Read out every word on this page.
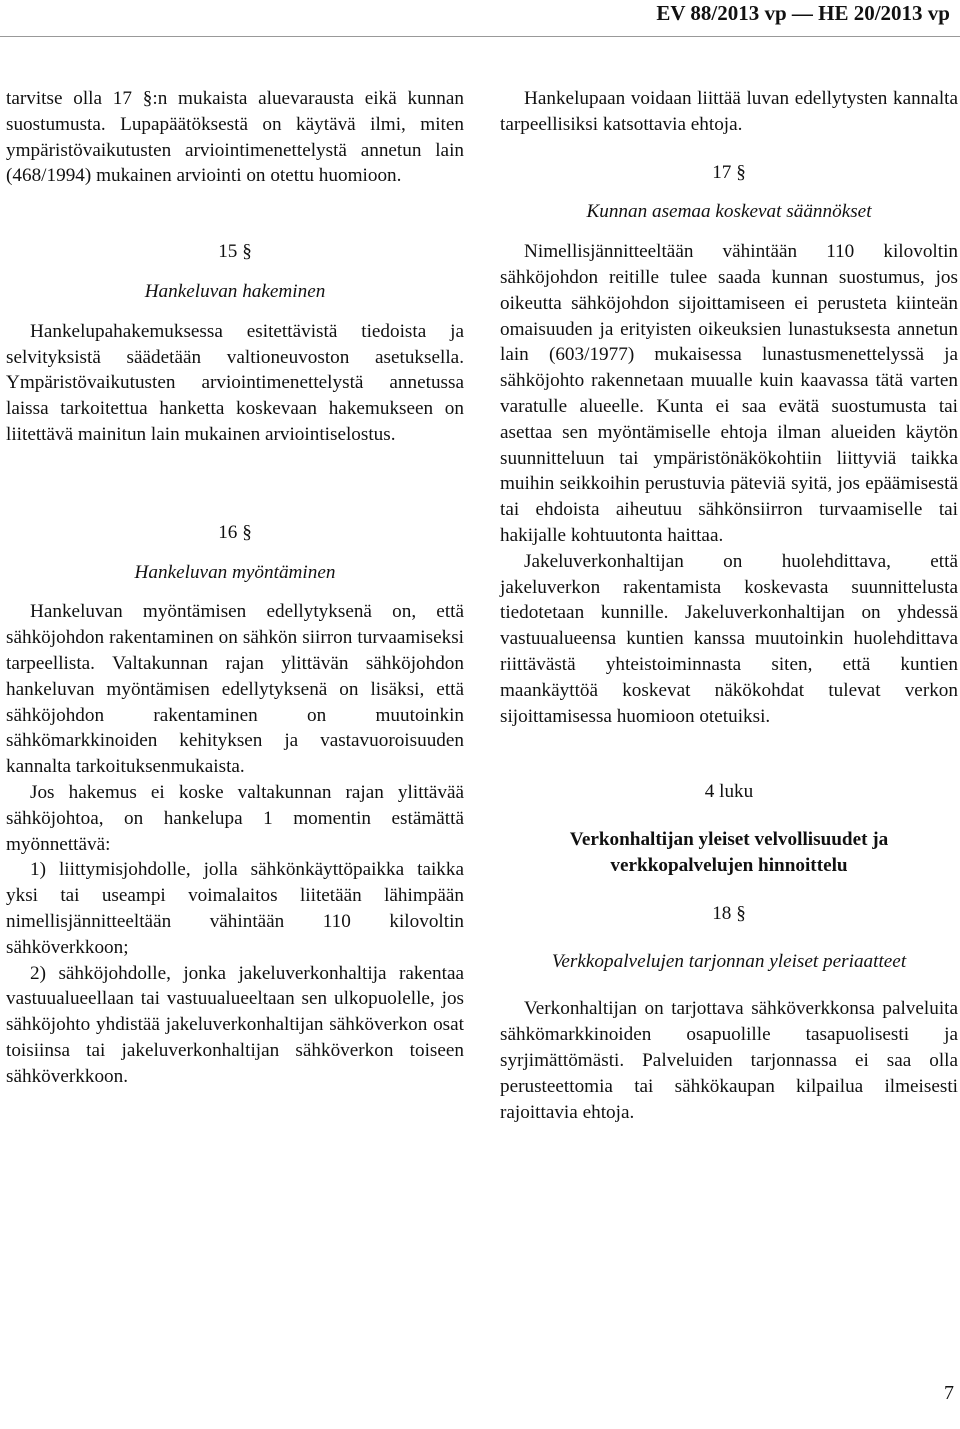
EV 88/2013 vp — HE 20/2013 vp

tarvitse olla 17 §:n mukaista aluevarausta eikä kunnan suostumusta. Lupapäätöksestä on käytävä ilmi, miten ympäristövaikutusten arviointimenettelystä annetun lain (468/1994) mukainen arviointi on otettu huomioon.

15 §

Hankeluvan hakeminen

Hankelupahakemuksessa esitettävistä tiedoista ja selvityksistä säädetään valtioneuvoston asetuksella. Ympäristövaikutusten arviointimenettelystä annetussa laissa tarkoitettua hanketta koskevaan hakemukseen on liitettävä mainitun lain mukainen arviointiselostus.

16 §

Hankeluvan myöntäminen

Hankeluvan myöntämisen edellytyksenä on, että sähköjohdon rakentaminen on sähkön siirron turvaamiseksi tarpeellista. Valtakunnan rajan ylittävän sähköjohdon hankeluvan myöntämisen edellytyksenä on lisäksi, että sähköjohdon rakentaminen on muutoinkin sähkömarkkinoiden kehityksen ja vastavuoroisuuden kannalta tarkoituksenmukaista.

Jos hakemus ei koske valtakunnan rajan ylittävää sähköjohtoa, on hankelupa 1 momentin estämättä myönnettävä:

1) liittymisjohdolle, jolla sähkönkäyttöpaikka taikka yksi tai useampi voimalaitos liitetään lähimpään nimellisjännitteeltään vähintään 110 kilovoltin sähköverkkoon;

2) sähköjohdolle, jonka jakeluverkonhaltija rakentaa vastuualueellaan tai vastuualueeltaan sen ulkopuolelle, jos sähköjohto yhdistää jakeluverkonhaltijan sähköverkon osat toisiinsa tai jakeluverkonhaltijan sähköverkon toiseen sähköverkkoon.

Hankelupaan voidaan liittää luvan edellytysten kannalta tarpeellisiksi katsottavia ehtoja.

17 §

Kunnan asemaa koskevat säännökset

Nimellisjännitteeltään vähintään 110 kilovoltin sähköjohdon reitille tulee saada kunnan suostumus, jos oikeutta sähköjohdon sijoittamiseen ei perusteta kiinteän omaisuuden ja erityisten oikeuksien lunastuksesta annetun lain (603/1977) mukaisessa lunastusmenettelyssä ja sähköjohto rakennetaan muualle kuin kaavassa tätä varten varatulle alueelle. Kunta ei saa evätä suostumusta tai asettaa sen myöntämiselle ehtoja ilman alueiden käytön suunnitteluun tai ympäristönäkökohtiin liittyviä taikka muihin seikkoihin perustuvia päteviä syitä, jos epäämisestä tai ehdoista aiheutuu sähkönsiirron turvaamiselle tai hakijalle kohtuutonta haittaa.

Jakeluverkonhaltijan on huolehdittava, että jakeluverkon rakentamista koskevasta suunnittelusta tiedotetaan kunnille. Jakeluverkonhaltijan on yhdessä vastuualueensa kuntien kanssa muutoinkin huolehdittava riittävästä yhteistoiminnasta siten, että kuntien maankäyttöä koskevat näkökohdat tulevat verkon sijoittamisessa huomioon otetuiksi.

4 luku

Verkonhaltijan yleiset velvollisuudet ja verkkopalvelujen hinnoittelu

18 §

Verkkopalvelujen tarjonnan yleiset periaatteet

Verkonhaltijan on tarjottava sähköverkkonsa palveluita sähkömarkkinoiden osapuolille tasapuolisesti ja syrjimättömästi. Palveluiden tarjonnassa ei saa olla perusteettomia tai sähkökaupan kilpailua ilmeisesti rajoittavia ehtoja.

7
